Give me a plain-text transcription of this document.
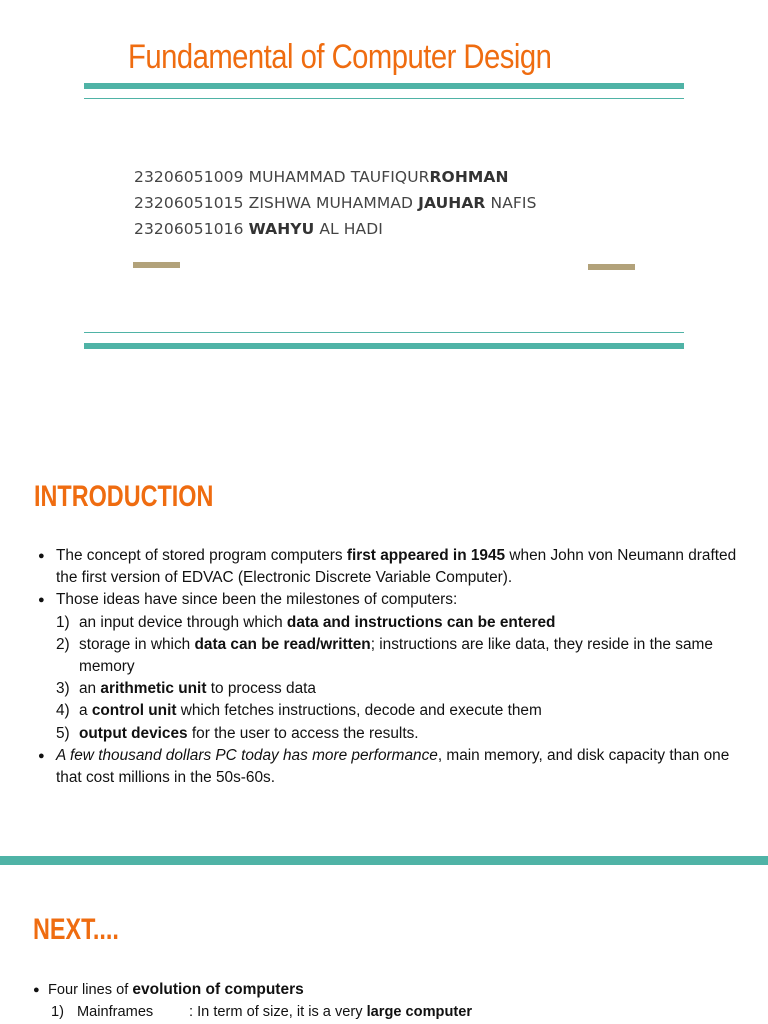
Fundamental of Computer Design
23206051009 MUHAMMAD TAUFIQURROHMAN
23206051015 ZISHWA MUHAMMAD JAUHAR NAFIS
23206051016 WAHYU AL HADI
INTRODUCTION
● The concept of stored program computers first appeared in 1945 when John von Neumann drafted the first version of EDVAC (Electronic Discrete Variable Computer).
● Those ideas have since been the milestones of computers:
1) an input device through which data and instructions can be entered
2) storage in which data can be read/written; instructions are like data, they reside in the same memory
3) an arithmetic unit to process data
4) a control unit which fetches instructions, decode and execute them
5) output devices for the user to access the results.
● A few thousand dollars PC today has more performance, main memory, and disk capacity than one that cost millions in the 50s-60s.
NEXT....
● Four lines of evolution of computers
1) Mainframes	: In term of size, it is a very large computer
